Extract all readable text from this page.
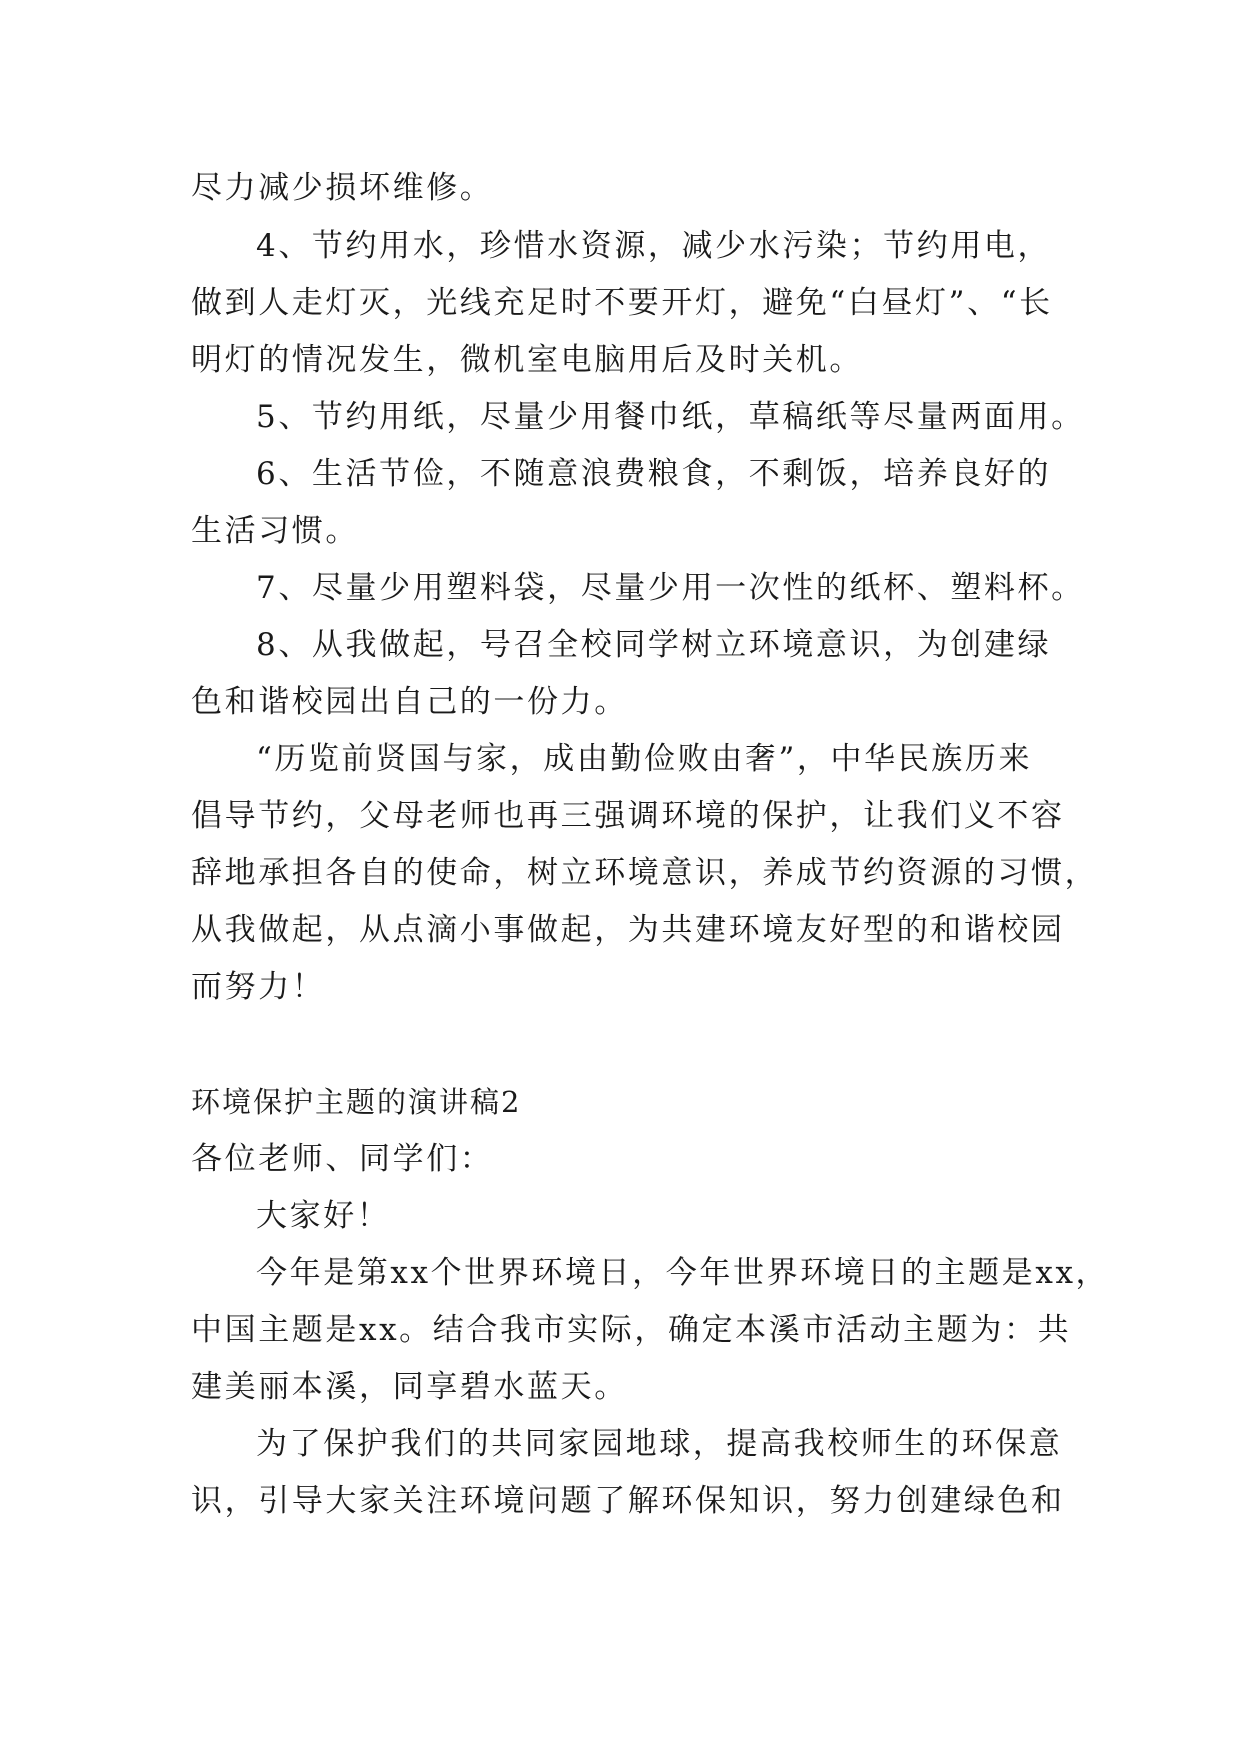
尽力减少损坏维修。
4、节约用水，珍惜水资源，减少水污染；节约用电，
做到人走灯灭，光线充足时不要开灯，避免“白昼灯”、“长
明灯的情况发生，微机室电脑用后及时关机。
5、节约用纸，尽量少用餐巾纸，草稿纸等尽量两面用。
6、生活节俭，不随意浪费粮食，不剩饭，培养良好的
生活习惯。
7、尽量少用塑料袋，尽量少用一次性的纸杯、塑料杯。
8、从我做起，号召全校同学树立环境意识，为创建绿
色和谐校园出自己的一份力。
“历览前贤国与家，成由勤俭败由奢”，中华民族历来
倡导节约，父母老师也再三强调环境的保护，让我们义不容
辞地承担各自的使命，树立环境意识，养成节约资源的习惯，
从我做起，从点滴小事做起，为共建环境友好型的和谐校园
而努力！
环境保护主题的演讲稿2
各位老师、同学们：
大家好！
今年是第xx个世界环境日，今年世界环境日的主题是xx，
中国主题是xx。结合我市实际，确定本溪市活动主题为：共
建美丽本溪，同享碧水蓝天。
为了保护我们的共同家园地球，提高我校师生的环保意
识，引导大家关注环境问题了解环保知识，努力创建绿色和
